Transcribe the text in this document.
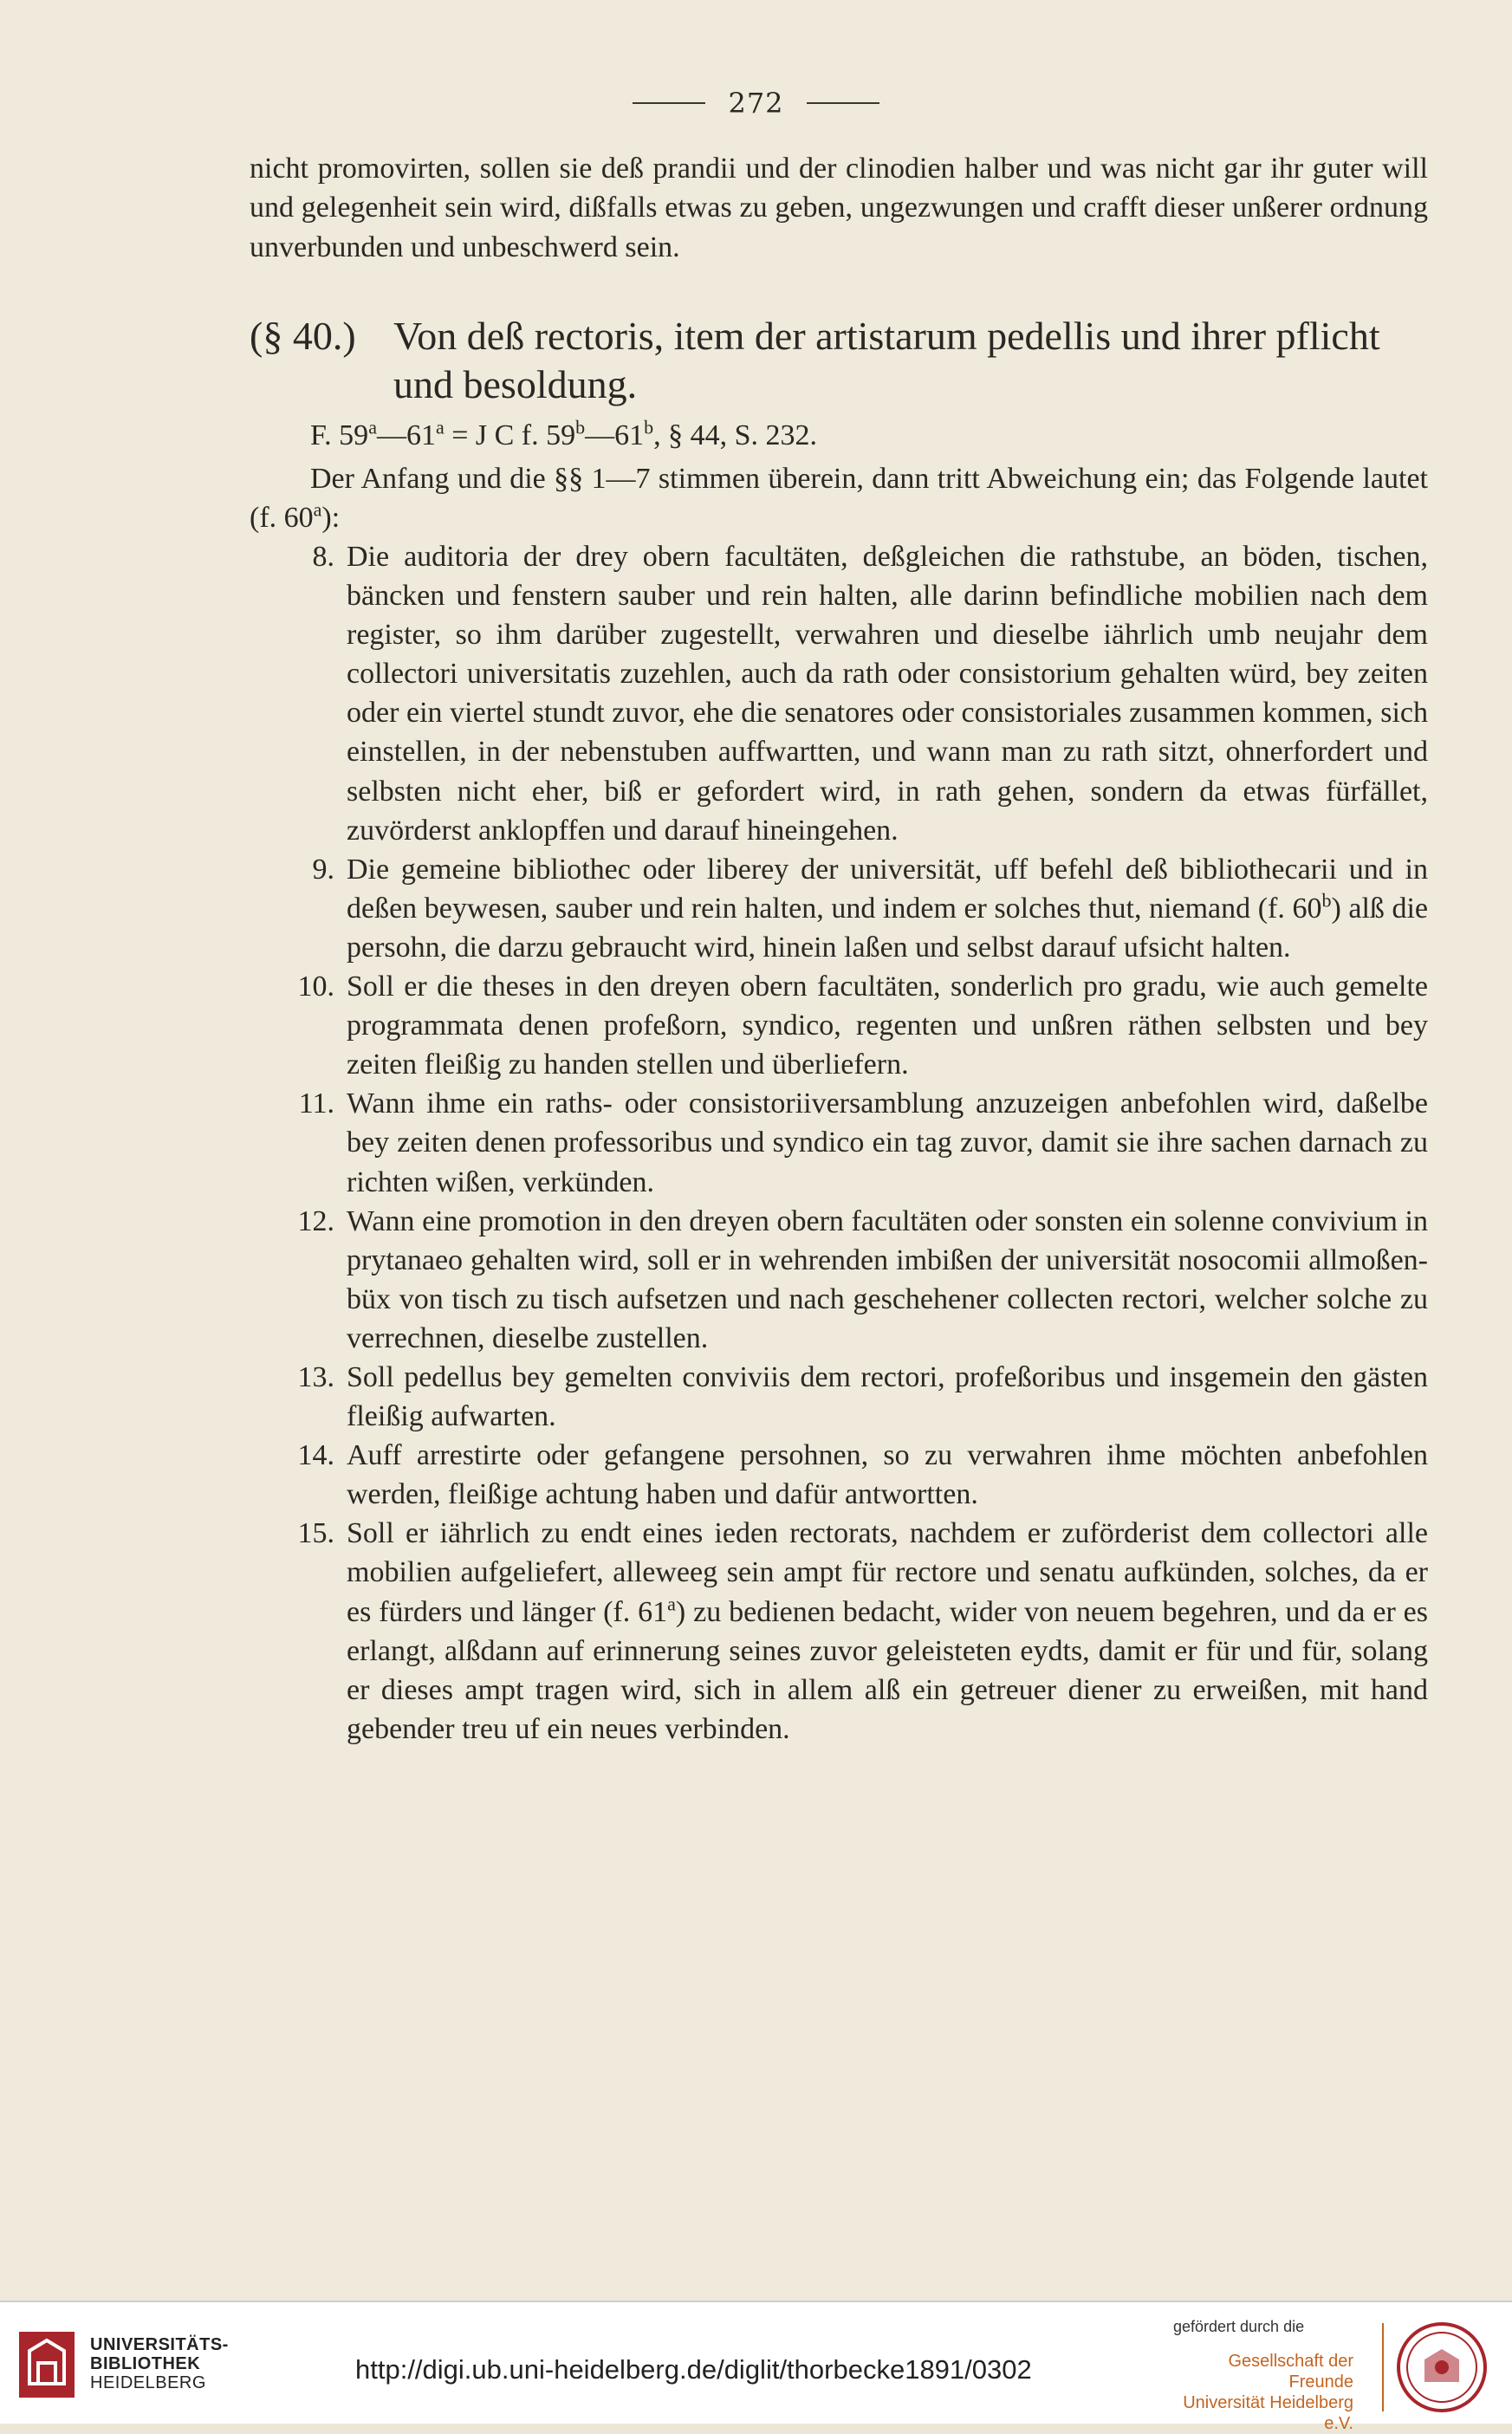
272
nicht promovirten, sollen sie deß prandii und der clinodien halber und was nicht gar ihr guter will und gelegenheit sein wird, dißfalls etwas zu geben, ungezwungen und crafft dieser unßerer ordnung unverbunden und unbeschwerd sein.
(§ 40.) Von deß rectoris, item der artistarum pedellis und ihrer pflicht
und besoldung.
F. $59^a—61^a = J$ C f. 59$^b$—61$^b$, § 44, S. 232.
Der Anfang und die §§ 1—7 stimmen überein, dann tritt Abweichung ein; das Folgende lautet (f. 60$^a$):
8. Die auditoria der drey obern facultäten, deßgleichen die rathstube, an böden, tischen, bäncken und fenstern sauber und rein halten, alle darinn befindliche mobilien nach dem register, so ihm darüber zugestellt, verwahren und dieselbe iährlich umb neujahr dem collectori universitatis zuzehlen, auch da rath oder consistorium gehalten würd, bey zeiten oder ein viertel stundt zuvor, ehe die senatores oder consistoriales zusammen kommen, sich einstellen, in der nebenstuben auffwartten, und wann man zu rath sitzt, ohnerfordert und selbsten nicht eher, biß er gefordert wird, in rath gehen, sondern da etwas fürfället, zuvörderst anklopffen und darauf hineingehen.
9. Die gemeine bibliothec oder liberey der universität, uff befehl deß bibliothecarii und in deßen beywesen, sauber und rein halten, und indem er solches thut, niemand (f. 60$^b$) alß die persohn, die darzu gebraucht wird, hinein laßen und selbst darauf ufsicht halten.
10. Soll er die theses in den dreyen obern facultäten, sonderlich pro gradu, wie auch gemelte programmata denen profeßorn, syndico, regenten und unßren räthen selbsten und bey zeiten fleißig zu handen stellen und überliefern.
11. Wann ihme ein raths- oder consistoriiversamblung anzuzeigen anbefohlen wird, daßelbe bey zeiten denen professoribus und syndico ein tag zuvor, damit sie ihre sachen darnach zu richten wißen, verkünden.
12. Wann eine promotion in den dreyen obern facultäten oder sonsten ein solenne convivium in prytanaeo gehalten wird, soll er in wehrenden imbißen der universität nosocomii allmoßen-büx von tisch zu tisch aufsetzen und nach geschehener collecten rectori, welcher solche zu verrechnen, dieselbe zustellen.
13. Soll pedellus bey gemelten conviviis dem rectori, profeßoribus und insgemein den gästen fleißig aufwarten.
14. Auff arrestirte oder gefangene persohnen, so zu verwahren ihme möchten anbefohlen werden, fleißige achtung haben und dafür antwortten.
15. Soll er iährlich zu endt eines ieden rectorats, nachdem er zuförderist dem collectori alle mobilien aufgeliefert, alleweeg sein ampt für rectore und senatu aufkünden, solches, da er es fürders und länger (f. 61$^a$) zu bedienen bedacht, wider von neuem begehren, und da er es erlangt, alßdann auf erinnerung seines zuvor geleisteten eydts, damit er für und für, solang er dieses ampt tragen wird, sich in allem alß ein getreuer diener zu erweißen, mit hand gebender treu uf ein neues verbinden.
UNIVERSITÄTS-
BIBLIOTHEK
HEIDELBERG	http://digi.ub.uni-heidelberg.de/diglit/thorbecke1891/0302
gefördert durch die
Gesellschaft der Freunde
Universität Heidelberg e.V.
